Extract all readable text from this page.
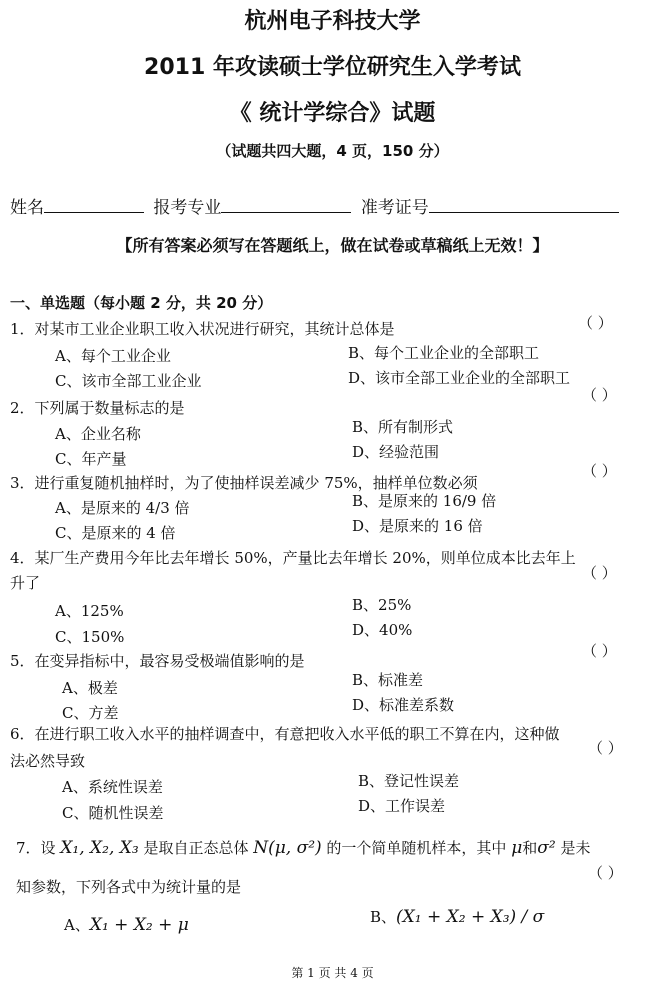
杭州电子科技大学
2011 年攻读硕士学位研究生入学考试
《 统计学综合》试题
（试题共四大题，4 页，150 分）
姓名	报考专业	准考证号
【所有答案必须写在答题纸上，做在试卷或草稿纸上无效！】
一、单选题（每小题 2 分，共 20 分）
1．对某市工业企业职工收入状况进行研究，其统计总体是	（ ）
A、每个工业企业	B、每个工业企业的全部职工
C、该市全部工业企业	D、该市全部工业企业的全部职工
2．下列属于数量标志的是
（ ）
A、企业名称	B、所有制形式
C、年产量	D、经验范围
3．进行重复随机抽样时，为了使抽样误差减少 75%，抽样单位数必须
（ ）
A、是原来的 4/3 倍	B、是原来的 16/9 倍
C、是原来的 4 倍	D、是原来的 16 倍
4．某厂生产费用今年比去年增长 50%，产量比去年增长 20%，则单位成本比去年上
升了
（ ）
A、125%	B、25%
C、150%	D、40%
5．在变异指标中，最容易受极端值影响的是
（ ）
A、极差	B、标准差
C、方差	D、标准差系数
6．在进行职工收入水平的抽样调查中，有意把收入水平低的职工不算在内，这种做
法必然导致
（ ）
A、系统性误差	B、登记性误差
C、随机性误差	D、工作误差
7．设 X₁, X₂, X₃ 是取自正态总体 N(μ, σ²) 的一个简单随机样本，其中 μ和σ² 是未
知参数，下列各式中为统计量的是
（ ）
A、X₁ + X₂ + μ	B、(X₁ + X₂ + X₃) / σ
第 1 页 共 4 页
